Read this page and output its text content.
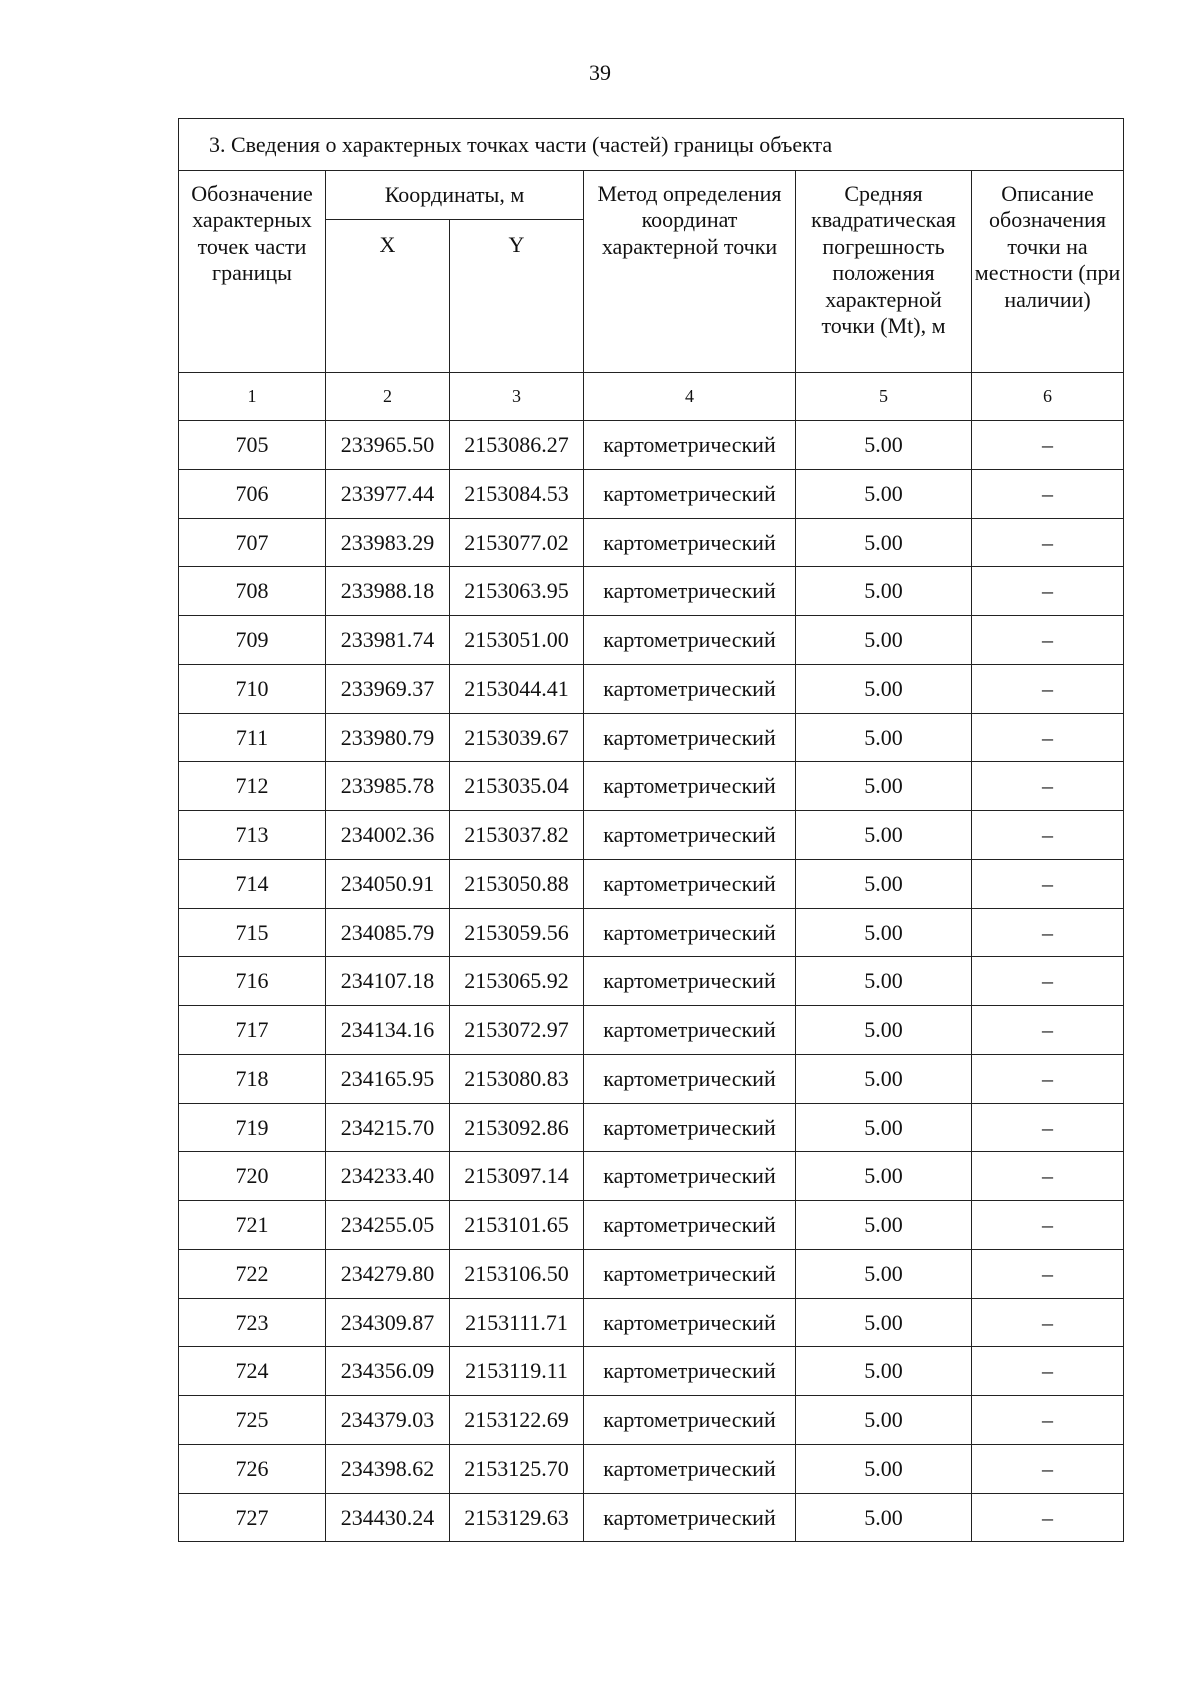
39
3. Сведения о характерных точках части (частей) границы объекта					
Обозначение характерных точек части границы	Координаты, м		Метод определения координат характерной точки	Средняя квадратическая погрешность положения характерной точки (Mt), м	Описание обозначения точки на местности (при наличии)
	X	Y			
1	2	3	4	5	6
705	233965.50	2153086.27	картометрический	5.00	–
706	233977.44	2153084.53	картометрический	5.00	–
707	233983.29	2153077.02	картометрический	5.00	–
708	233988.18	2153063.95	картометрический	5.00	–
709	233981.74	2153051.00	картометрический	5.00	–
710	233969.37	2153044.41	картометрический	5.00	–
711	233980.79	2153039.67	картометрический	5.00	–
712	233985.78	2153035.04	картометрический	5.00	–
713	234002.36	2153037.82	картометрический	5.00	–
714	234050.91	2153050.88	картометрический	5.00	–
715	234085.79	2153059.56	картометрический	5.00	–
716	234107.18	2153065.92	картометрический	5.00	–
717	234134.16	2153072.97	картометрический	5.00	–
718	234165.95	2153080.83	картометрический	5.00	–
719	234215.70	2153092.86	картометрический	5.00	–
720	234233.40	2153097.14	картометрический	5.00	–
721	234255.05	2153101.65	картометрический	5.00	–
722	234279.80	2153106.50	картометрический	5.00	–
723	234309.87	2153111.71	картометрический	5.00	–
724	234356.09	2153119.11	картометрический	5.00	–
725	234379.03	2153122.69	картометрический	5.00	–
726	234398.62	2153125.70	картометрический	5.00	–
727	234430.24	2153129.63	картометрический	5.00	–
